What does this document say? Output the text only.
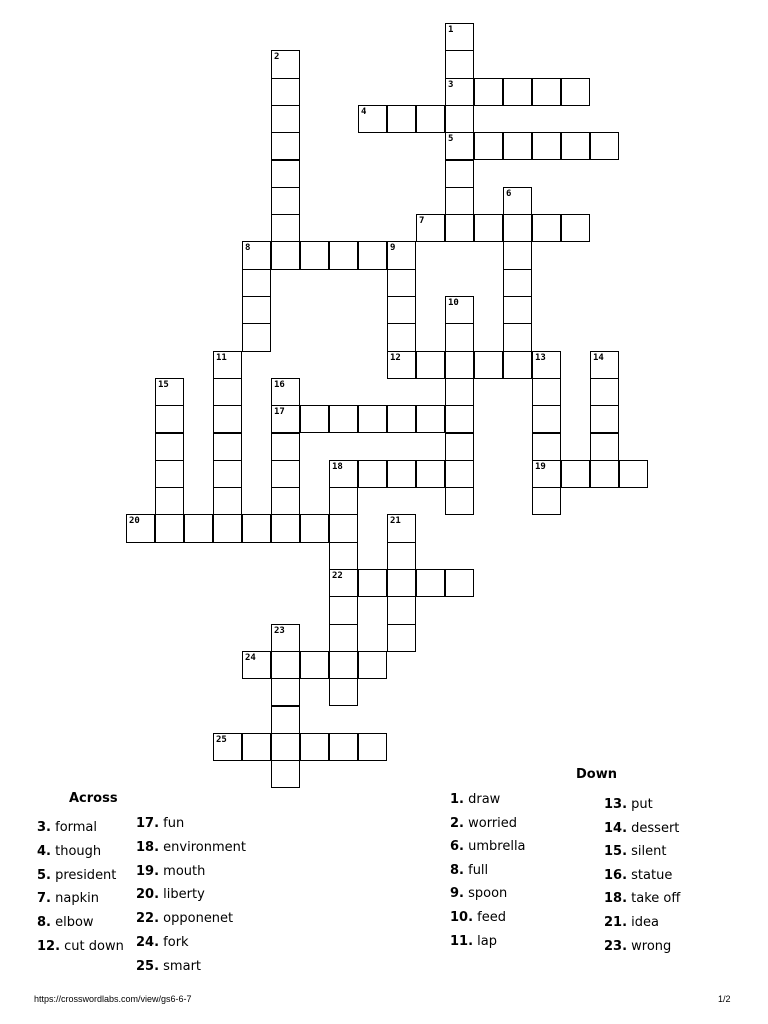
1
2
3
4
5
6
7
8	9
10
11	12	13	14
15	16
17
18	19
20	21
22
23
24
25
Across
3. formal
4. though
5. president
7. napkin
8. elbow
12. cut down
17. fun
18. environment
19. mouth
20. liberty
22. opponenet
24. fork
25. smart
Down
1. draw
2. worried
6. umbrella
8. full
9. spoon
10. feed
11. lap
13. put
14. dessert
15. silent
16. statue
18. take off
21. idea
23. wrong
https://crosswordlabs.com/view/gs6-6-7	1/2
